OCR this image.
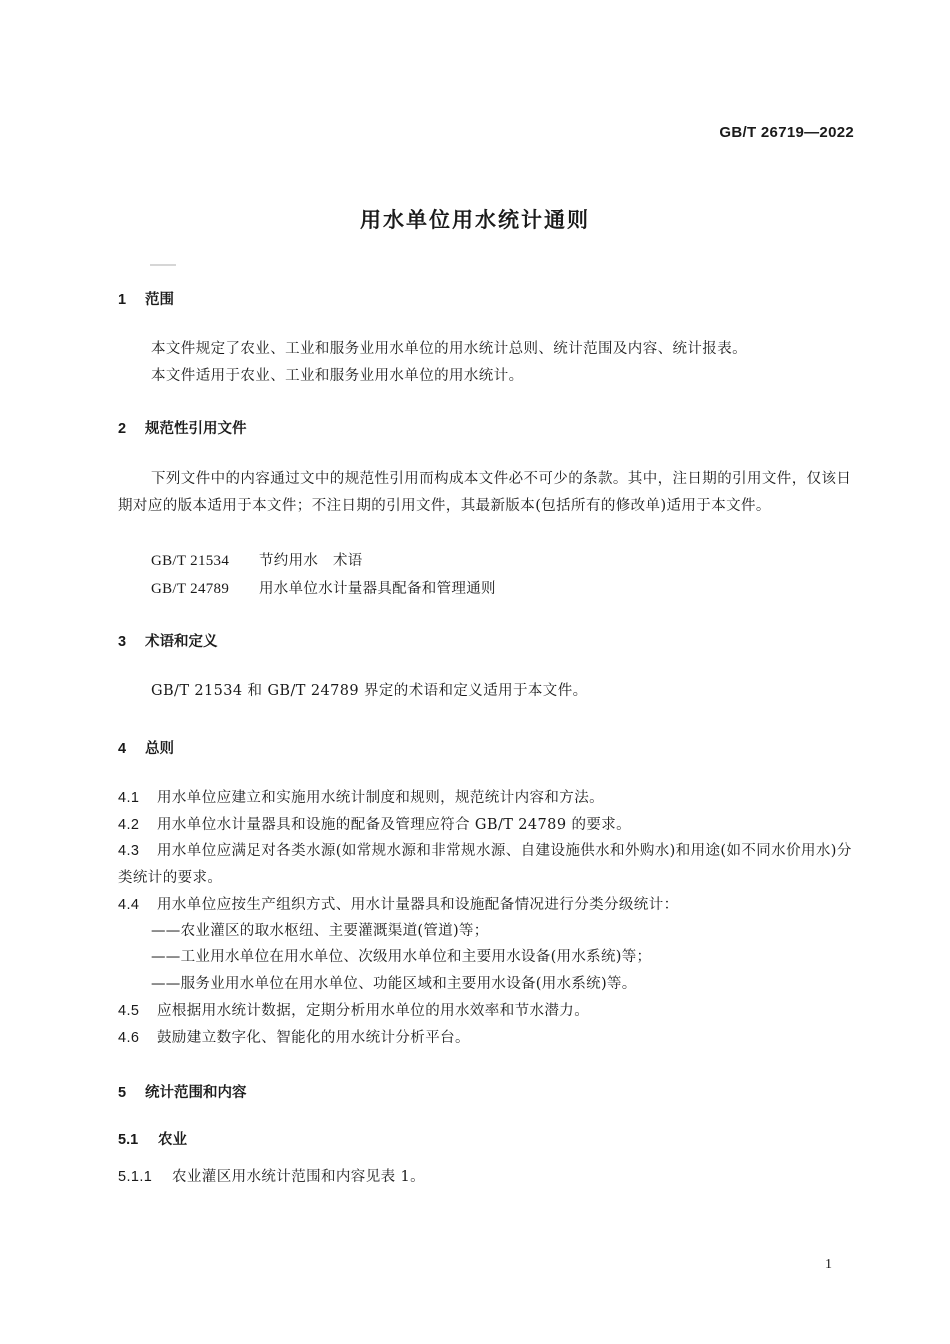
GB/T 26719—2022
用水单位用水统计通则
1 范围
本文件规定了农业、工业和服务业用水单位的用水统计总则、统计范围及内容、统计报表。
本文件适用于农业、工业和服务业用水单位的用水统计。
2 规范性引用文件
下列文件中的内容通过文中的规范性引用而构成本文件必不可少的条款。其中，注日期的引用文件，仅该日期对应的版本适用于本文件；不注日期的引用文件，其最新版本(包括所有的修改单)适用于本文件。
GB/T 21534 节约用水　术语
GB/T 24789 用水单位水计量器具配备和管理通则
3 术语和定义
GB/T 21534 和 GB/T 24789 界定的术语和定义适用于本文件。
4 总则
4.1 用水单位应建立和实施用水统计制度和规则，规范统计内容和方法。
4.2 用水单位水计量器具和设施的配备及管理应符合 GB/T 24789 的要求。
4.3 用水单位应满足对各类水源(如常规水源和非常规水源、自建设施供水和外购水)和用途(如不同水价用水)分类统计的要求。
4.4 用水单位应按生产组织方式、用水计量器具和设施配备情况进行分类分级统计：
——农业灌区的取水枢纽、主要灌溉渠道(管道)等；
——工业用水单位在用水单位、次级用水单位和主要用水设备(用水系统)等；
——服务业用水单位在用水单位、功能区域和主要用水设备(用水系统)等。
4.5 应根据用水统计数据，定期分析用水单位的用水效率和节水潜力。
4.6 鼓励建立数字化、智能化的用水统计分析平台。
5 统计范围和内容
5.1 农业
5.1.1 农业灌区用水统计范围和内容见表 1。
1
